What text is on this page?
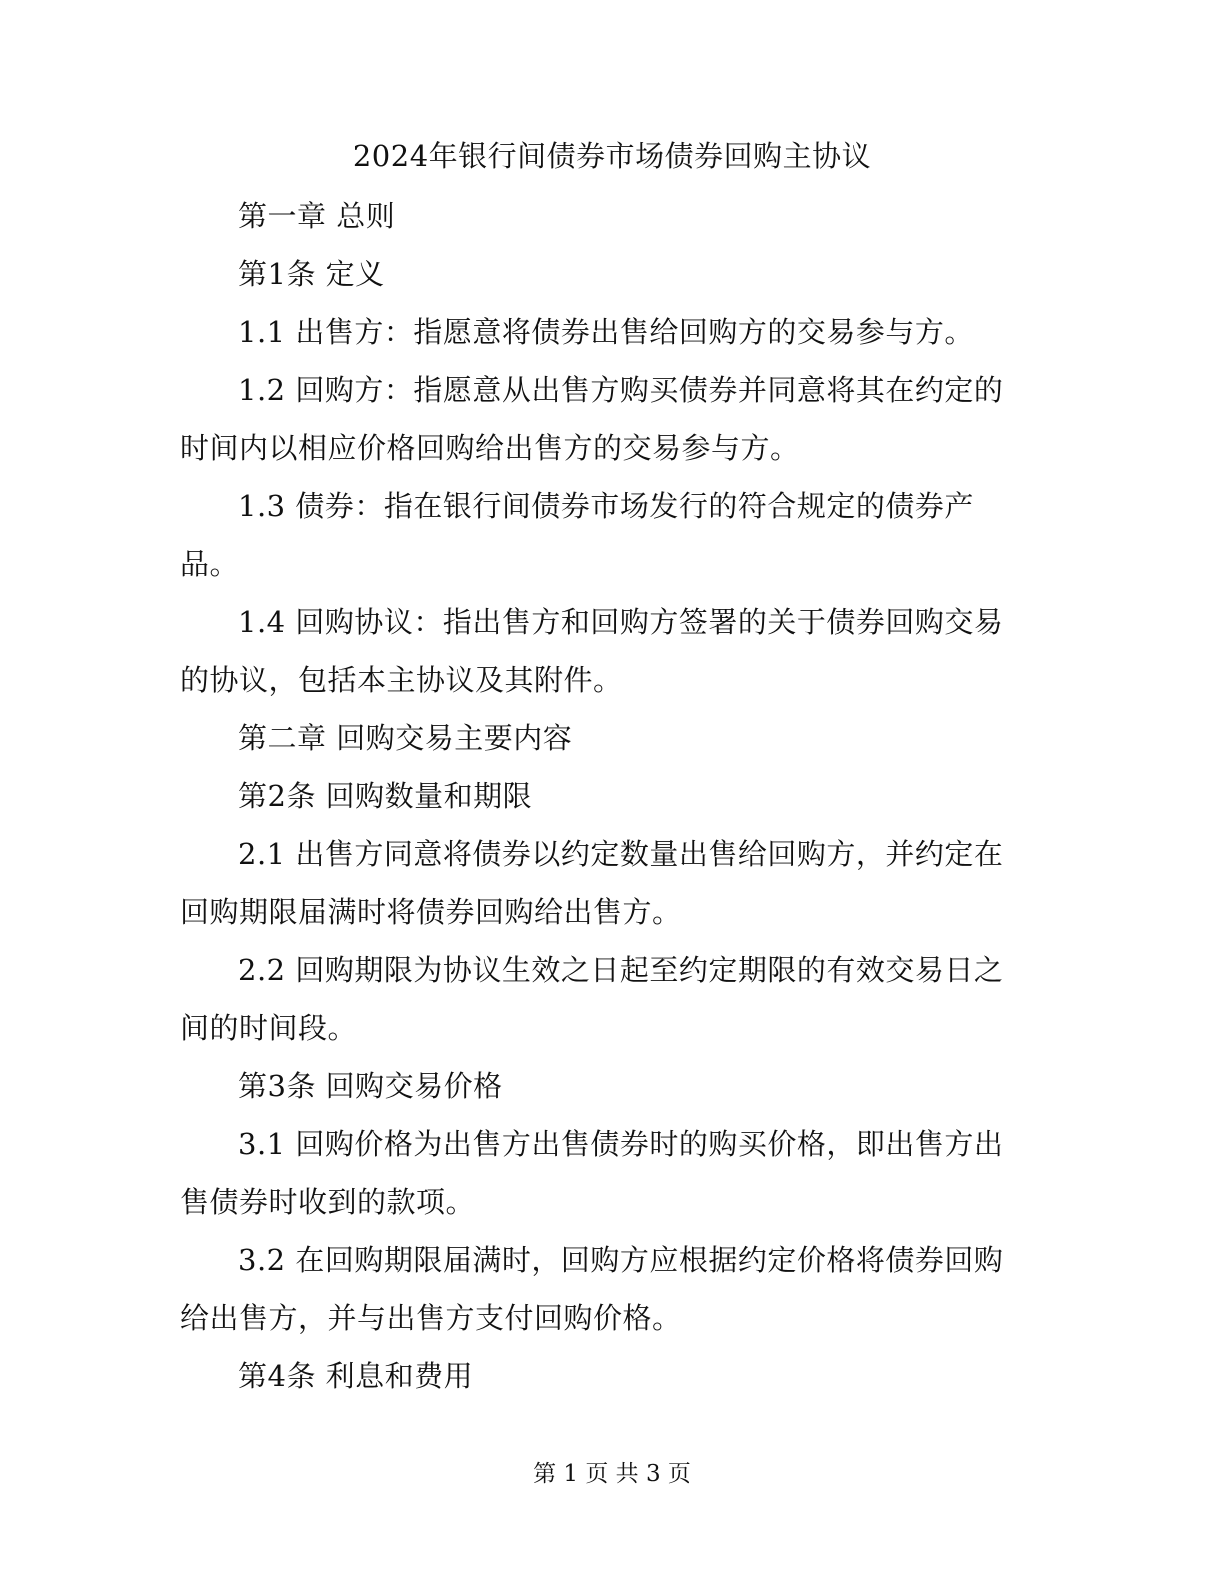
2024年银行间债券市场债券回购主协议
第一章 总则
第1条 定义
1.1 出售方：指愿意将债券出售给回购方的交易参与方。
1.2 回购方：指愿意从出售方购买债券并同意将其在约定的
时间内以相应价格回购给出售方的交易参与方。
1.3 债券：指在银行间债券市场发行的符合规定的债券产
品。
1.4 回购协议：指出售方和回购方签署的关于债券回购交易
的协议，包括本主协议及其附件。
第二章 回购交易主要内容
第2条 回购数量和期限
2.1 出售方同意将债券以约定数量出售给回购方，并约定在
回购期限届满时将债券回购给出售方。
2.2 回购期限为协议生效之日起至约定期限的有效交易日之
间的时间段。
第3条 回购交易价格
3.1 回购价格为出售方出售债券时的购买价格，即出售方出
售债券时收到的款项。
3.2 在回购期限届满时，回购方应根据约定价格将债券回购
给出售方，并与出售方支付回购价格。
第4条 利息和费用
第 1 页 共 3 页
